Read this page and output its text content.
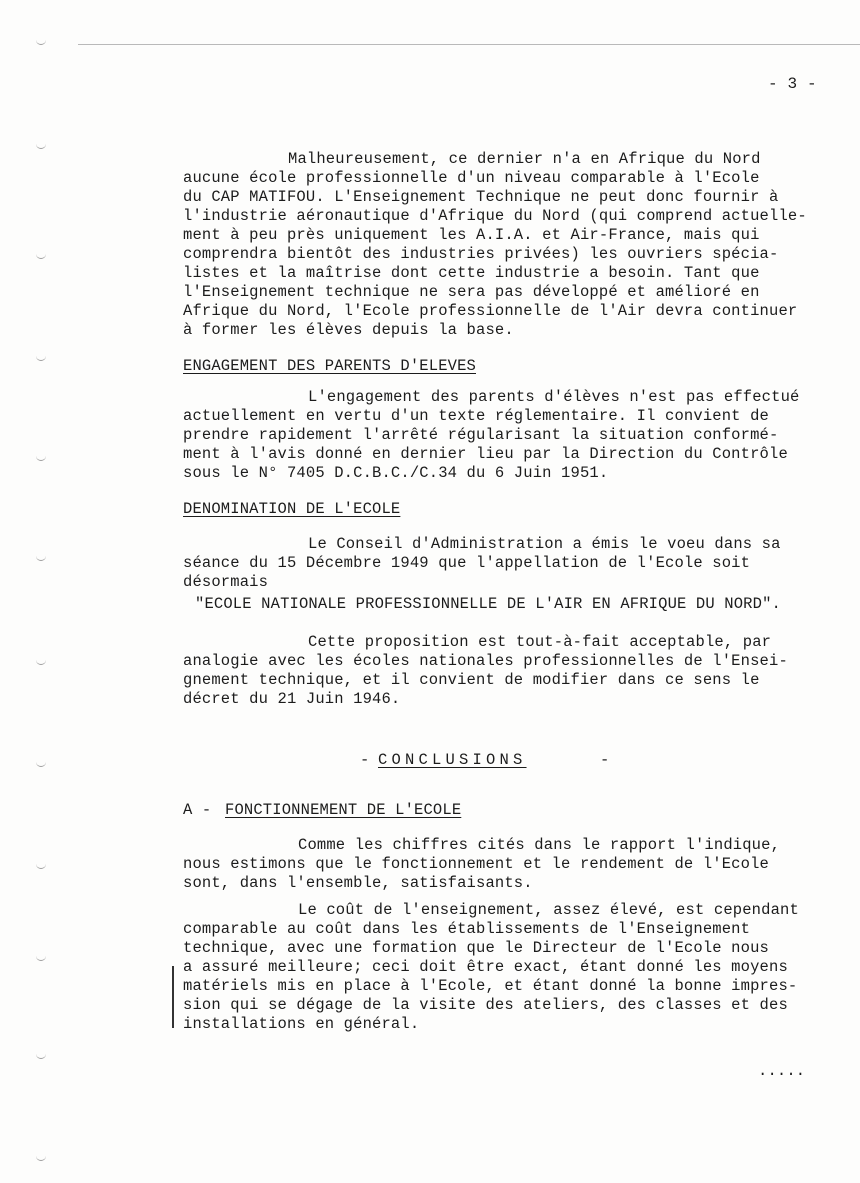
- 3 -
Malheureusement, ce dernier n'a en Afrique du Nord
aucune école professionnelle d'un niveau comparable à l'Ecole
du CAP MATIFOU. L'Enseignement Technique ne peut donc fournir à
l'industrie aéronautique d'Afrique du Nord (qui comprend actuelle-
ment à peu près uniquement les A.I.A. et Air-France, mais qui
comprendra bientôt des industries privées) les ouvriers spécia-
listes et la maîtrise dont cette industrie a besoin. Tant que
l'Enseignement technique ne sera pas développé et amélioré en
Afrique du Nord, l'Ecole professionnelle de l'Air devra continuer
à former les élèves depuis la base.
ENGAGEMENT DES PARENTS D'ELEVES
L'engagement des parents d'élèves n'est pas effectué
actuellement en vertu d'un texte réglementaire. Il convient de
prendre rapidement l'arrêté régularisant la situation conformé-
ment à l'avis donné en dernier lieu par la Direction du Contrôle
sous le N° 7405 D.C.B.C./C.34 du 6 Juin 1951.
DENOMINATION DE L'ECOLE
Le Conseil d'Administration a émis le voeu dans sa
séance du 15 Décembre 1949 que l'appellation de l'Ecole soit
désormais
"ECOLE NATIONALE PROFESSIONNELLE DE L'AIR EN AFRIQUE DU NORD".
Cette proposition est tout-à-fait acceptable, par
analogie avec les écoles nationales professionnelles de l'Ensei-
gnement technique, et il convient de modifier dans ce sens le
décret du 21 Juin 1946.
- CONCLUSIONS	-
A - FONCTIONNEMENT DE L'ECOLE
Comme les chiffres cités dans le rapport l'indique,
nous estimons que le fonctionnement et le rendement de l'Ecole
sont, dans l'ensemble, satisfaisants.
Le coût de l'enseignement, assez élevé, est cependant
comparable au coût dans les établissements de l'Enseignement
technique, avec une formation que le Directeur de l'Ecole nous
a assuré meilleure; ceci doit être exact, étant donné les moyens
matériels mis en place à l'Ecole, et étant donné la bonne impres-
sion qui se dégage de la visite des ateliers, des classes et des
installations en général.
.....
